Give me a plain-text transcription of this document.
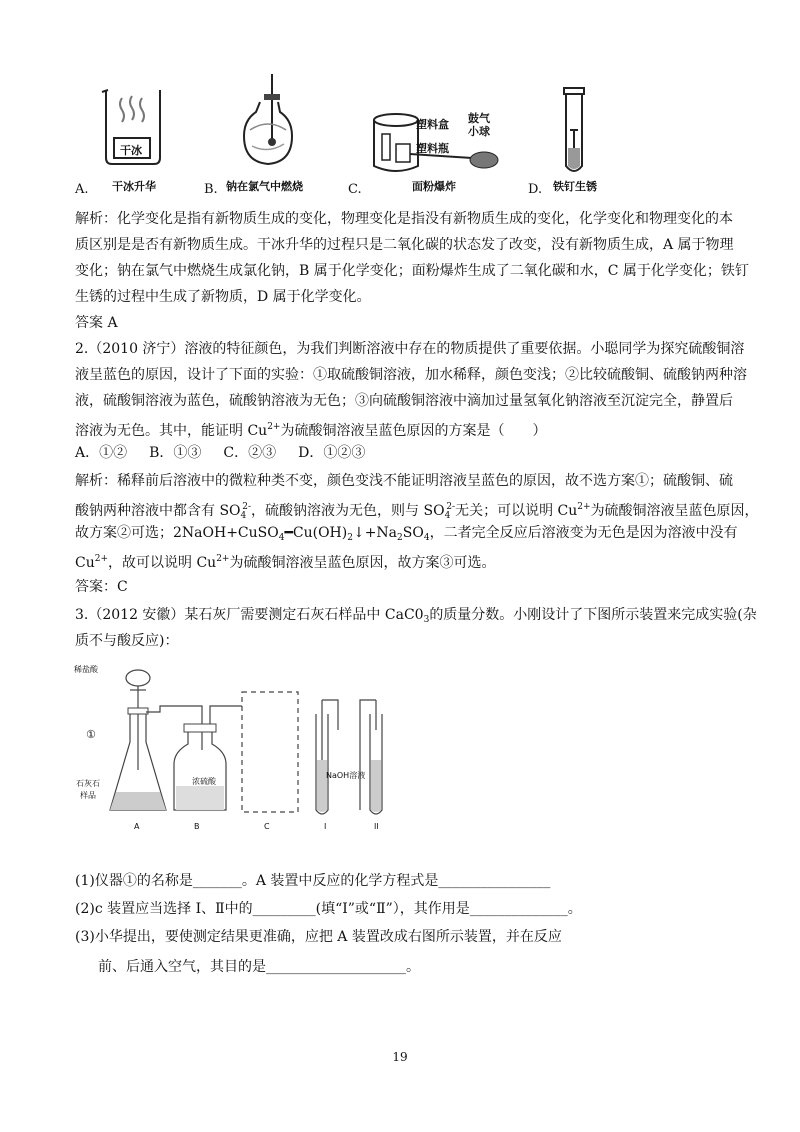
干冰
A. 干冰升华	B. 钠在氯气中燃烧
塑料盒
塑料瓶
鼓气小球
C.	面粉爆炸	D. 铁钉生锈
解析：化学变化是指有新物质生成的变化，物理变化是指没有新物质生成的变化，化学变化和物理变化的本
质区别是是否有新物质生成。干冰升华的过程只是二氧化碳的状态发了改变，没有新物质生成，A 属于物理
变化；钠在氯气中燃烧生成氯化钠，B 属于化学变化；面粉爆炸生成了二氧化碳和水，C 属于化学变化；铁钉
生锈的过程中生成了新物质，D 属于化学变化。
答案 A
2.（2010 济宁）溶液的特征颜色，为我们判断溶液中存在的物质提供了重要依据。小聪同学为探究硫酸铜溶
液呈蓝色的原因，设计了下面的实验：①取硫酸铜溶液，加水稀释，颜色变浅；②比较硫酸铜、硫酸钠两种溶
液，硫酸铜溶液为蓝色，硫酸钠溶液为无色；③向硫酸铜溶液中滴加过量氢氧化钠溶液至沉淀完全，静置后
溶液为无色。其中，能证明 $Cu^{2+}$为硫酸铜溶液呈蓝色原因的方案是（　　）
A．①② B．①③ C．②③ D．①②③
解析：稀释前后溶液中的微粒种类不变，颜色变浅不能证明溶液呈蓝色的原因，故不选方案①；硫酸铜、硫
酸钠两种溶液中都含有 $SO_4^{2-}$，硫酸钠溶液为无色，则与 $SO_4^{2-}$无关；可以说明 $Cu^{2+}$为硫酸铜溶液呈蓝色原因，
故方案②可选；$2NaOH+CuSO_4━Cu(OH)_2↓+Na_2SO_4$，二者完全反应后溶液变为无色是因为溶液中没有
$Cu^{2+}$，故可以说明 $Cu^{2+}$为硫酸铜溶液呈蓝色原因，故方案③可选。
答案：C
3.（2012 安徽）某石灰厂需要测定石灰石样品中 $CaC0_3$的质量分数。小刚设计了下图所示装置来完成实验(杂
质不与酸反应)：
稀盐酸
①
石灰石
样品
浓硫酸
NaOH溶液
A	B	C	I	II
(1)仪器①的名称是_______。A 装置中反应的化学方程式是________________
(2)c 装置应当选择 I、Ⅱ中的_________(填“I”或“Ⅱ”），其作用是______________。
(3)小华提出，要使测定结果更准确，应把 A 装置改成右图所示装置，并在反应
前、后通入空气，其目的是____________________。
19
